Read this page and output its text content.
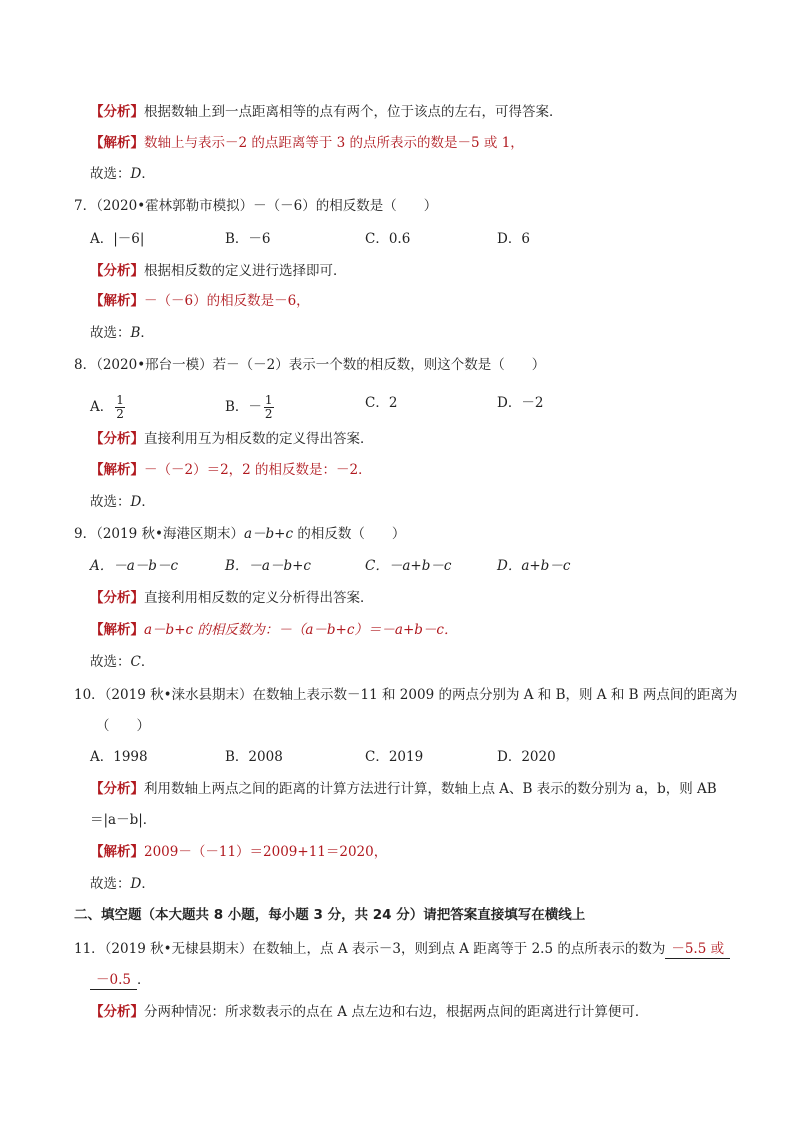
【分析】根据数轴上到一点距离相等的点有两个，位于该点的左右，可得答案．
【解析】数轴上与表示－2 的点距离等于 3 的点所表示的数是－5 或 1，
故选：D．
7．（2020•霍林郭勒市模拟）－（－6）的相反数是（　　）
A．|－6|	B．－6	C．0.6	D．6
【分析】根据相反数的定义进行选择即可．
【解析】－（－6）的相反数是－6，
故选：B．
8．（2020•邢台一模）若－（－2）表示一个数的相反数，则这个数是（　　）
A． $\frac{1}{2}$	B．－ $\frac{1}{2}$	C．2	D．－2
【分析】直接利用互为相反数的定义得出答案．
【解析】－（－2）＝2，2 的相反数是：－2．
故选：D．
9．（2019 秋•海港区期末）a－b+c 的相反数（　　）
A．－a－b－c	B．－a－b+c	C．－a+b－c	D．a+b－c
【分析】直接利用相反数的定义分析得出答案．
【解析】a－b+c 的相反数为：－（a－b+c）＝－a+b－c．
故选：C．
10．（2019 秋•涞水县期末）在数轴上表示数－11 和 2009 的两点分别为 A 和 B，则 A 和 B 两点间的距离为
（　　）
A．1998	B．2008	C．2019	D．2020
【分析】利用数轴上两点之间的距离的计算方法进行计算，数轴上点 A、B 表示的数分别为 a，b，则 AB
＝|a－b|．
【解析】2009－（－11）＝2009+11＝2020，
故选：D．
二、填空题（本大题共 8 小题，每小题 3 分，共 24 分）请把答案直接填写在横线上
11．（2019 秋•无棣县期末）在数轴上，点 A 表示－3，则到点 A 距离等于 2.5 的点所表示的数为 －5.5 或
－0.5 ．
【分析】分两种情况：所求数表示的点在 A 点左边和右边，根据两点间的距离进行计算便可．
